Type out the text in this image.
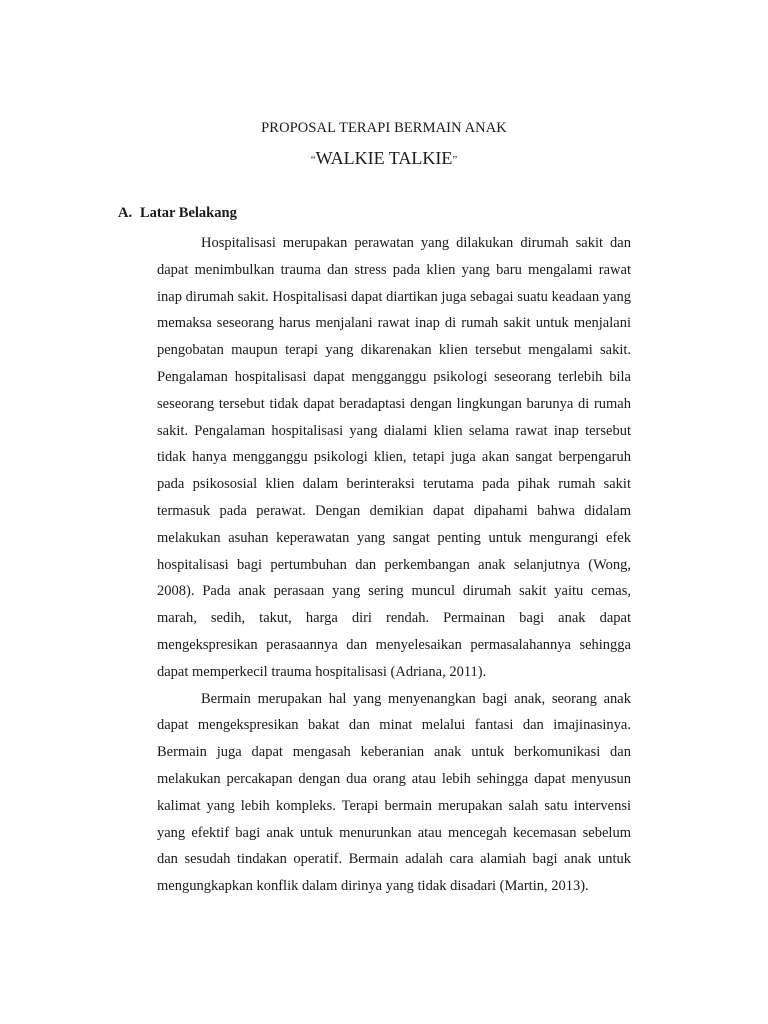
PROPOSAL TERAPI BERMAIN ANAK
“WALKIE TALKIE”
A. Latar Belakang

Hospitalisasi merupakan perawatan yang dilakukan dirumah sakit dan dapat menimbulkan trauma dan stress pada klien yang baru mengalami rawat inap dirumah sakit. Hospitalisasi dapat diartikan juga sebagai suatu keadaan yang memaksa seseorang harus menjalani rawat inap di rumah sakit untuk menjalani pengobatan maupun terapi yang dikarenakan klien tersebut mengalami sakit. Pengalaman hospitalisasi dapat mengganggu psikologi seseorang terlebih bila seseorang tersebut tidak dapat beradaptasi dengan lingkungan barunya di rumah sakit. Pengalaman hospitalisasi yang dialami klien selama rawat inap tersebut tidak hanya mengganggu psikologi klien, tetapi juga akan sangat berpengaruh pada psikososial klien dalam berinteraksi terutama pada pihak rumah sakit termasuk pada perawat. Dengan demikian dapat dipahami bahwa didalam melakukan asuhan keperawatan yang sangat penting untuk mengurangi efek hospitalisasi bagi pertumbuhan dan perkembangan anak selanjutnya (Wong, 2008). Pada anak perasaan yang sering muncul dirumah sakit yaitu cemas, marah, sedih, takut, harga diri rendah. Permainan bagi anak dapat mengekspresikan perasaannya dan menyelesaikan permasalahannya sehingga dapat memperkecil trauma hospitalisasi (Adriana, 2011).

Bermain merupakan hal yang menyenangkan bagi anak, seorang anak dapat mengekspresikan bakat dan minat melalui fantasi dan imajinasinya. Bermain juga dapat mengasah keberanian anak untuk berkomunikasi dan melakukan percakapan dengan dua orang atau lebih sehingga dapat menyusun kalimat yang lebih kompleks. Terapi bermain merupakan salah satu intervensi yang efektif bagi anak untuk menurunkan atau mencegah kecemasan sebelum dan sesudah tindakan operatif. Bermain adalah cara alamiah bagi anak untuk mengungkapkan konflik dalam dirinya yang tidak disadari (Martin, 2013).
